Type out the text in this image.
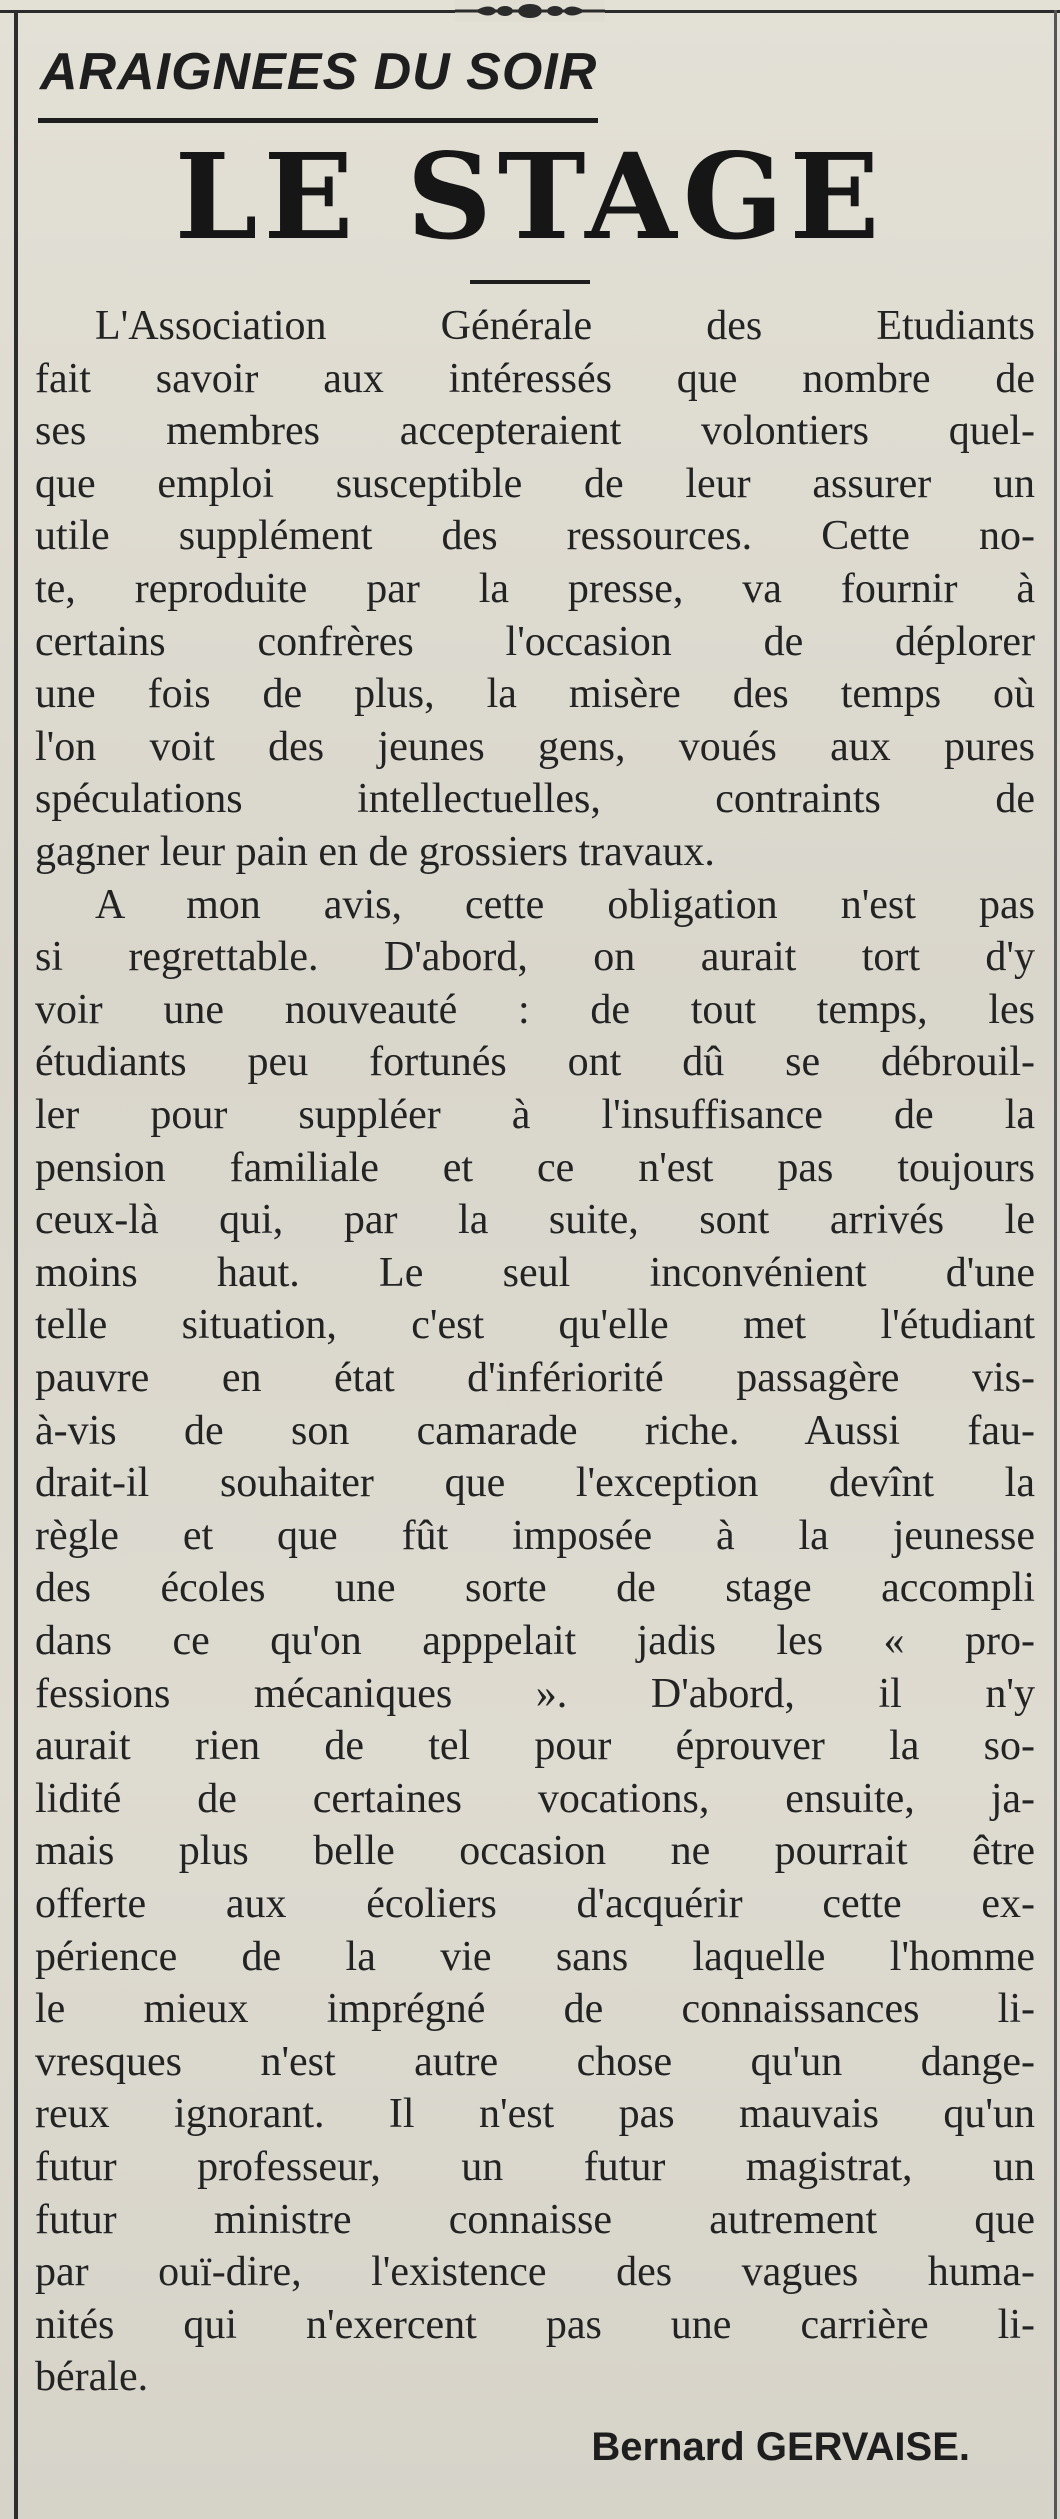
ARAIGNEES DU SOIR
LE STAGE
L'Association Générale des Etudiants
fait savoir aux intéressés que nombre de
ses membres accepteraient volontiers quel-
que emploi susceptible de leur assurer un
utile supplément des ressources. Cette no-
te, reproduite par la presse, va fournir à
certains confrères l'occasion de déplorer
une fois de plus, la misère des temps où
l'on voit des jeunes gens, voués aux pures
spéculations intellectuelles, contraints de
gagner leur pain en de grossiers travaux.
A mon avis, cette obligation n'est pas
si regrettable. D'abord, on aurait tort d'y
voir une nouveauté : de tout temps, les
étudiants peu fortunés ont dû se débrouil-
ler pour suppléer à l'insuffisance de la
pension familiale et ce n'est pas toujours
ceux-là qui, par la suite, sont arrivés le
moins haut. Le seul inconvénient d'une
telle situation, c'est qu'elle met l'étudiant
pauvre en état d'infériorité passagère vis-
à-vis de son camarade riche. Aussi fau-
drait-il souhaiter que l'exception devînt la
règle et que fût imposée à la jeunesse
des écoles une sorte de stage accompli
dans ce qu'on apppelait jadis les « pro-
fessions mécaniques ». D'abord, il n'y
aurait rien de tel pour éprouver la so-
lidité de certaines vocations, ensuite, ja-
mais plus belle occasion ne pourrait être
offerte aux écoliers d'acquérir cette ex-
périence de la vie sans laquelle l'homme
le mieux imprégné de connaissances li-
vresques n'est autre chose qu'un dange-
reux ignorant. Il n'est pas mauvais qu'un
futur professeur, un futur magistrat, un
futur ministre connaisse autrement que
par ouï-dire, l'existence des vagues huma-
nités qui n'exercent pas une carrière li-
bérale.
Bernard GERVAISE.
